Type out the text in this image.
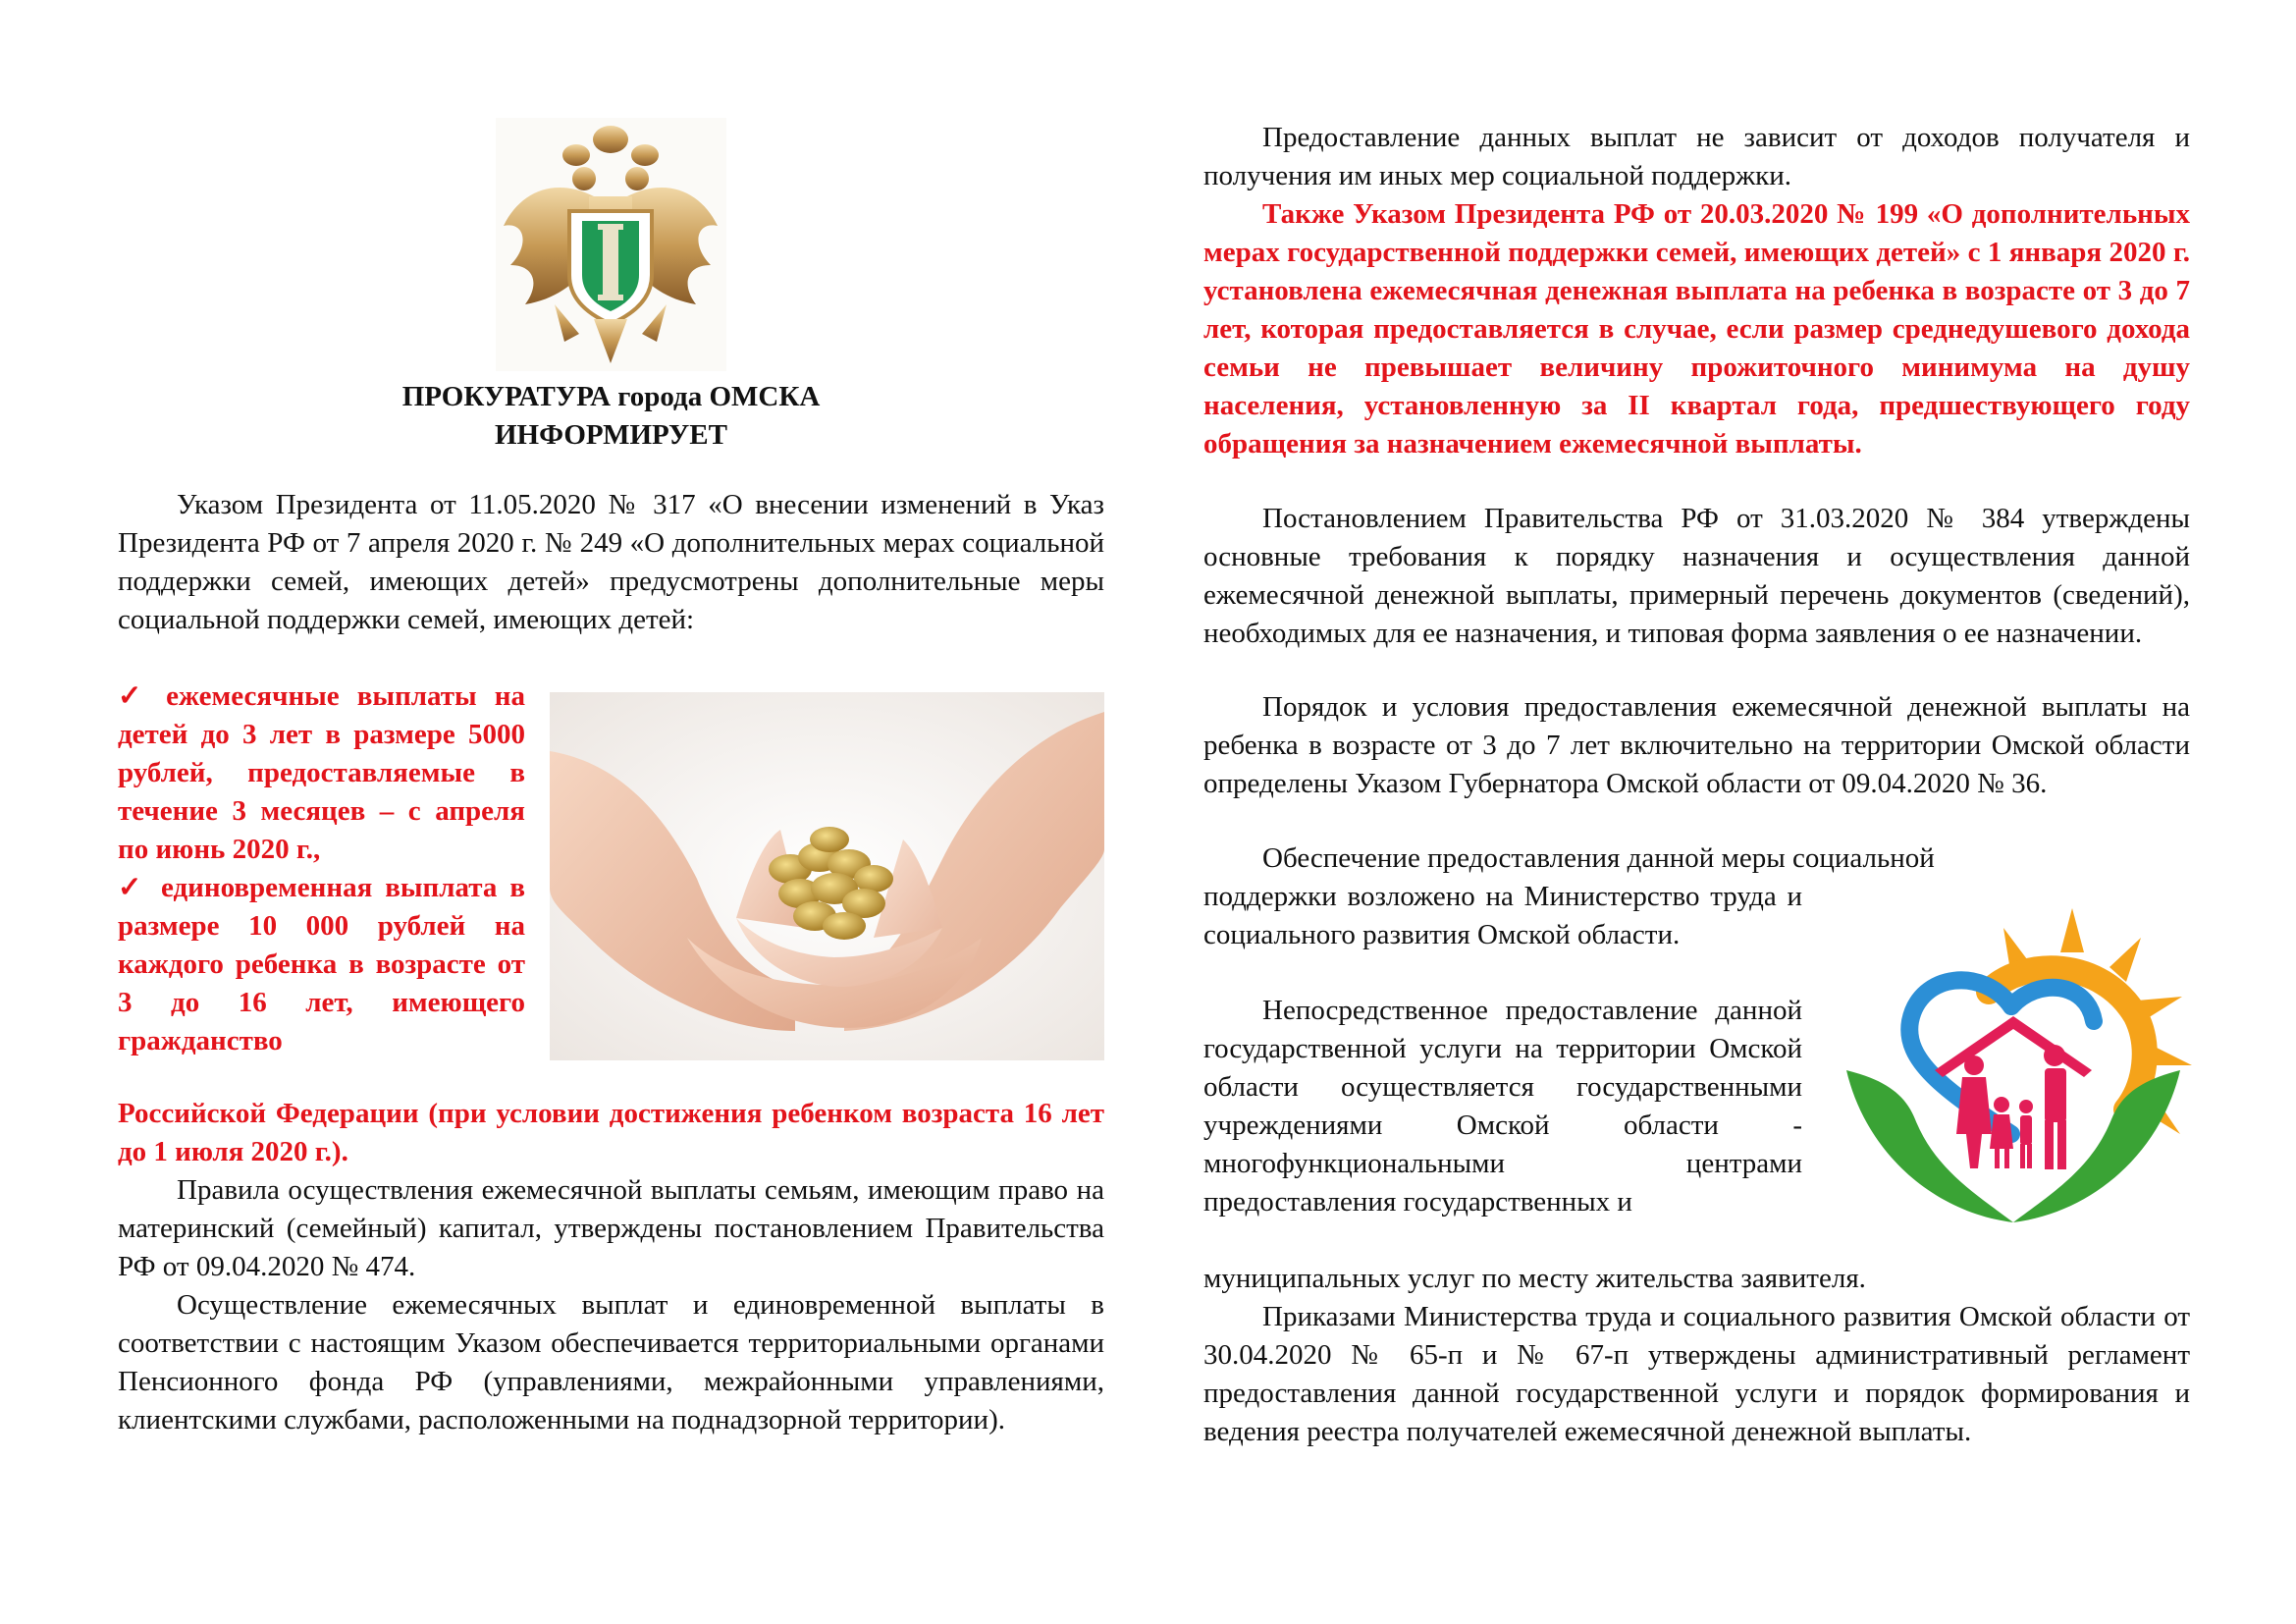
ПРОКУРАТУРА города ОМСКА
ИНФОРМИРУЕТ

Указом Президента от 11.05.2020 № 317 «О внесении изменений в Указ Президента РФ от 7 апреля 2020 г. № 249 «О дополнительных мерах социальной поддержки семей, имеющих детей» предусмотрены дополнительные меры социальной поддержки семей, имеющих детей:

✓ ежемесячные выплаты на детей до 3 лет в размере 5000 рублей, предоставляемые в течение 3 месяцев – с апреля по июнь 2020 г.,

✓ единовременная выплата в размере 10 000 рублей на каждого ребенка в возрасте от 3 до 16 лет, имеющего гражданство

Российской Федерации (при условии достижения ребенком возраста 16 лет до 1 июля 2020 г.).

Правила осуществления ежемесячной выплаты семьям, имеющим право на материнский (семейный) капитал, утверждены постановлением Правительства РФ от 09.04.2020 № 474.

Осуществление ежемесячных выплат и единовременной выплаты в соответствии с настоящим Указом обеспечивается территориальными органами Пенсионного фонда РФ (управлениями, межрайонными управлениями, клиентскими службами, расположенными на поднадзорной территории).

Предоставление данных выплат не зависит от доходов получателя и получения им иных мер социальной поддержки.

Также Указом Президента РФ от 20.03.2020 № 199 «О дополнительных мерах государственной поддержки семей, имеющих детей» с 1 января 2020 г. установлена ежемесячная денежная выплата на ребенка в возрасте от 3 до 7 лет, которая предоставляется в случае, если размер среднедушевого дохода семьи не превышает величину прожиточного минимума на душу населения, установленную за II квартал года, предшествующего году обращения за назначением ежемесячной выплаты.

Постановлением Правительства РФ от 31.03.2020 № 384 утверждены основные требования к порядку назначения и осуществления данной ежемесячной денежной выплаты, примерный перечень документов (сведений), необходимых для ее назначения, и типовая форма заявления о ее назначении.

Порядок и условия предоставления ежемесячной денежной выплаты на ребенка в возрасте от 3 до 7 лет включительно на территории Омской области определены Указом Губернатора Омской области от 09.04.2020 № 36.

Обеспечение предоставления данной меры социальной

поддержки возложено на Министерство труда и социального развития Омской области.

Непосредственное предоставление данной государственной услуги на территории Омской области осуществляется государственными учреждениями Омской области - многофункциональными центрами предоставления государственных и

муниципальных услуг по месту жительства заявителя.

Приказами Министерства труда и социального развития Омской области от 30.04.2020 № 65-п и № 67-п утверждены административный регламент предоставления данной государственной услуги и порядок формирования и ведения реестра получателей ежемесячной денежной выплаты.
